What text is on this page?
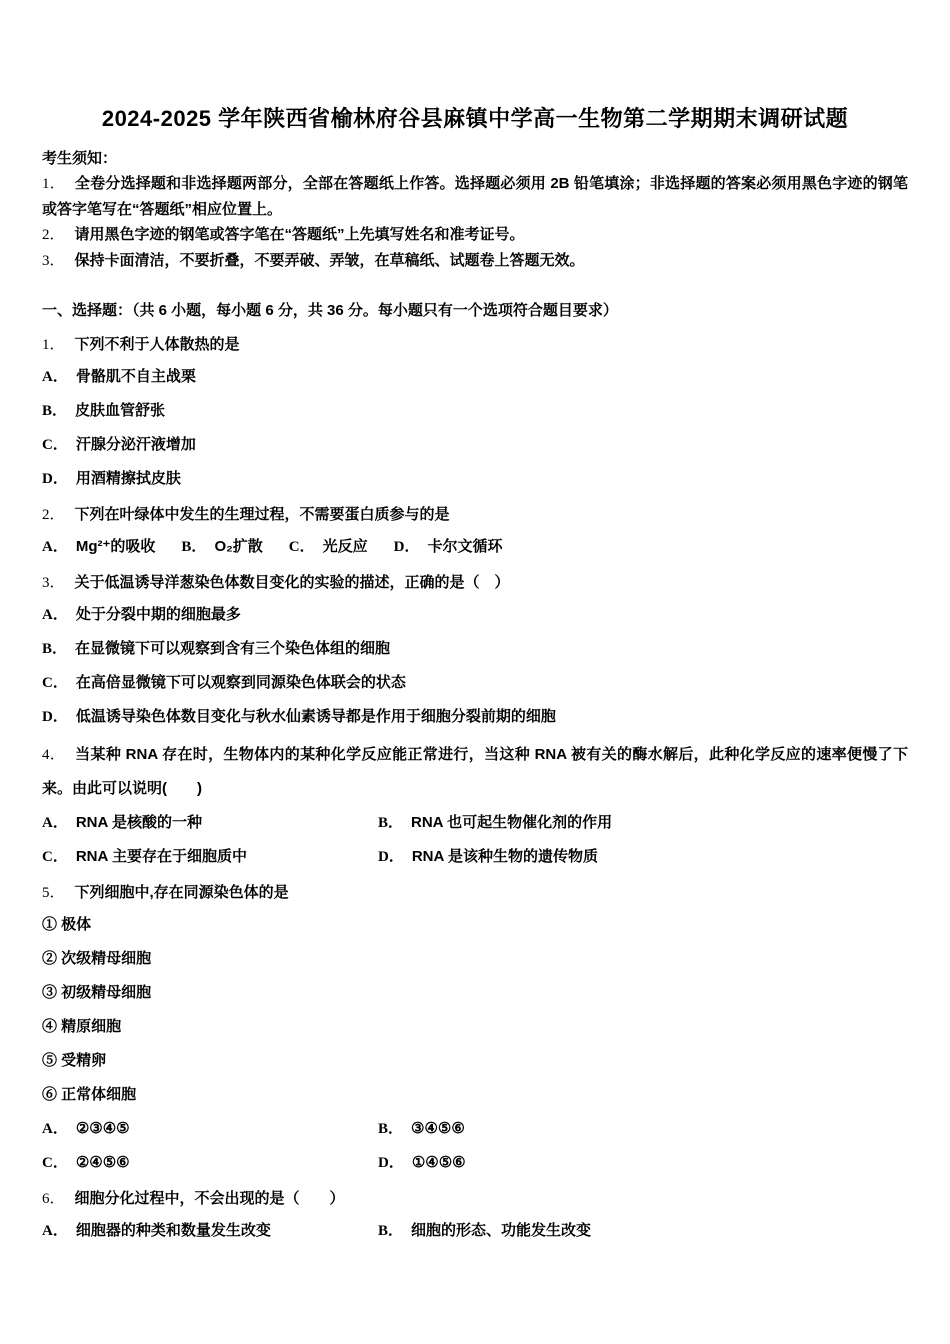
2024-2025 学年陕西省榆林府谷县麻镇中学高一生物第二学期期末调研试题

考生须知：

1． 全卷分选择题和非选择题两部分，全部在答题纸上作答。选择题必须用 2B 铅笔填涂；非选择题的答案必须用黑色字迹的钢笔或答字笔写在“答题纸”相应位置上。

2． 请用黑色字迹的钢笔或答字笔在“答题纸”上先填写姓名和准考证号。

3． 保持卡面清洁，不要折叠，不要弄破、弄皱，在草稿纸、试题卷上答题无效。

一、选择题：（共 6 小题，每小题 6 分，共 36 分。每小题只有一个选项符合题目要求）

1． 下列不利于人体散热的是

A． 骨骼肌不自主战栗

B． 皮肤血管舒张

C． 汗腺分泌汗液增加

D． 用酒精擦拭皮肤

2． 下列在叶绿体中发生的生理过程，不需要蛋白质参与的是

A． Mg²⁺的吸收 B． O₂扩散 C． 光反应 D． 卡尔文循环

3． 关于低温诱导洋葱染色体数目变化的实验的描述，正确的是（　）

A． 处于分裂中期的细胞最多

B． 在显微镜下可以观察到含有三个染色体组的细胞

C． 在高倍显微镜下可以观察到同源染色体联会的状态

D． 低温诱导染色体数目变化与秋水仙素诱导都是作用于细胞分裂前期的细胞

4． 当某种 RNA 存在时，生物体内的某种化学反应能正常进行，当这种 RNA 被有关的酶水解后，此种化学反应的速率便慢了下来。由此可以说明(　　)

A． RNA 是核酸的一种	B． RNA 也可起生物催化剂的作用

C． RNA 主要存在于细胞质中	D． RNA 是该种生物的遗传物质

5． 下列细胞中,存在同源染色体的是

① 极体

② 次级精母细胞

③ 初级精母细胞

④ 精原细胞

⑤ 受精卵

⑥ 正常体细胞

A． ②③④⑤	B． ③④⑤⑥

C． ②④⑤⑥	D． ①④⑤⑥

6． 细胞分化过程中，不会出现的是（　　）

A． 细胞器的种类和数量发生改变	B． 细胞的形态、功能发生改变
